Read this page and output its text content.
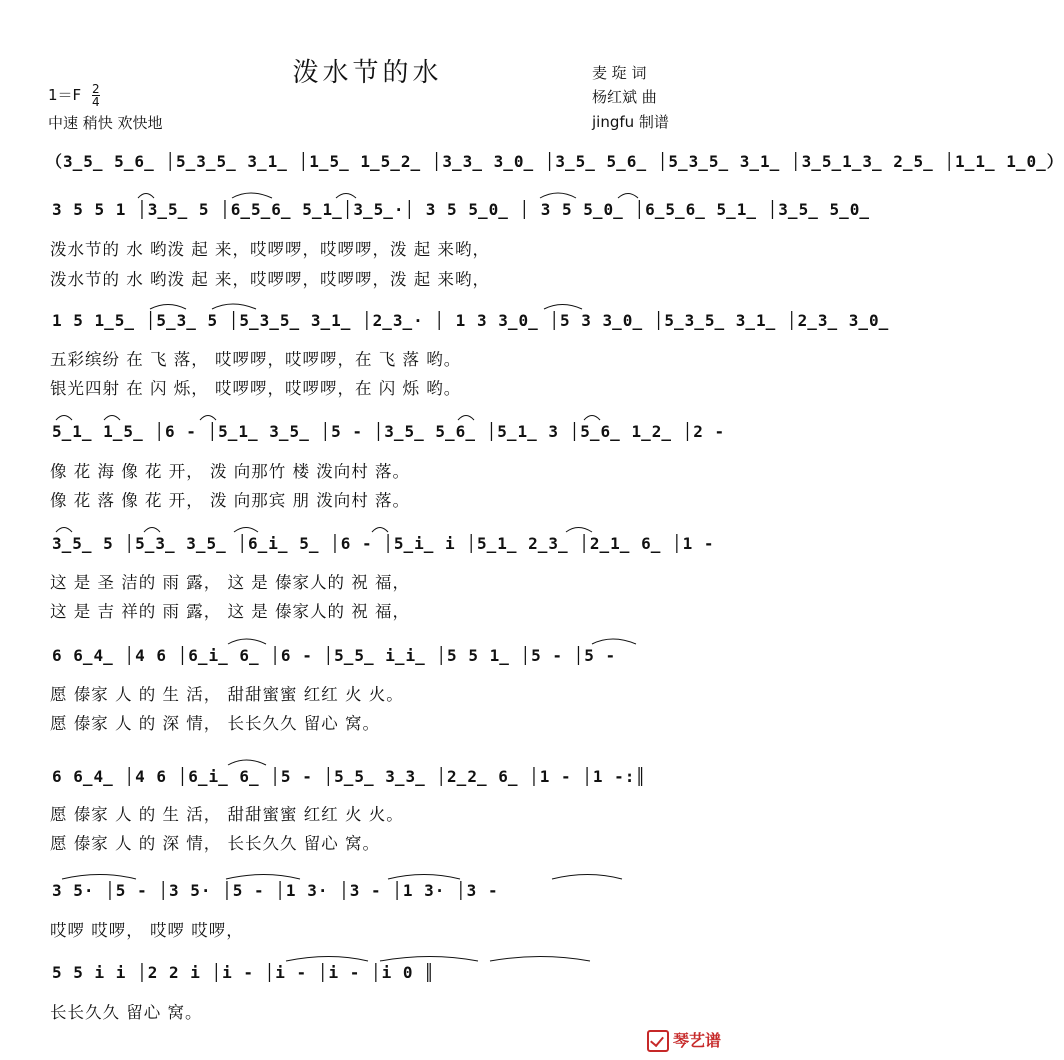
泼水节的水
$1=F \frac{2}{4}$
中速 稍快 欢快地
麦 琁 词
杨红斌 曲
jingfu 制谱
（3̲5̲ 5̲6̲ │5̲3̲5̲ 3̲1̲ │1̲5̲ 1̲5̲2̲ │3̲3̲ 3̲0̲ │3̲5̲ 5̲6̲ │5̲3̲5̲ 3̲1̲ │3̲5̲1̲3̲ 2̲5̲ │1̲1̲ 1̲0̲）
3 5 5 1 │3̲5̲ 5 │6̲5̲6̲ 5̲1̲│3̲5̲·│ 3 5 5̲0̲ │ 3 5 5̲0̲ │6̲5̲6̲ 5̲1̲ │3̲5̲ 5̲0̲
泼水节的 水 哟泼 起 来，哎啰啰，哎啰啰，泼 起 来哟，
泼水节的 水 哟泼 起 来，哎啰啰，哎啰啰，泼 起 来哟，
1 5 1̲5̲ │5̲3̲ 5 │5̲3̲5̲ 3̲1̲ │2̲3̲· │ 1 3 3̲0̲ │5 3 3̲0̲ │5̲3̲5̲ 3̲1̲ │2̲3̲ 3̲0̲
五彩缤纷 在 飞 落， 哎啰啰，哎啰啰，在 飞 落 哟。
银光四射 在 闪 烁， 哎啰啰，哎啰啰，在 闪 烁 哟。
5̲1̲ 1̲5̲ │6 - │5̲1̲ 3̲5̲ │5 - │3̲5̲ 5̲6̲ │5̲1̲ 3 │5̲6̲ 1̲2̲ │2 -
像 花 海 像 花 开， 泼 向那竹 楼 泼向村 落。
像 花 落 像 花 开， 泼 向那宾 朋 泼向村 落。
3̲5̲ 5 │5̲3̲ 3̲5̲ │6̲i̲ 5̲ │6 - │5̲i̲ i │5̲1̲ 2̲3̲ │2̲1̲ 6̲ │1 -
这 是 圣 洁的 雨 露， 这 是 傣家人的 祝 福，
这 是 吉 祥的 雨 露， 这 是 傣家人的 祝 福，
6 6̲4̲ │4 6 │6̲i̲ 6̲ │6 - │5̲5̲ i̲i̲ │5 5 1̲ │5 - │5 -
愿 傣家 人 的 生 活， 甜甜蜜蜜 红红 火 火。
愿 傣家 人 的 深 情， 长长久久 留心 窝。
6 6̲4̲ │4 6 │6̲i̲ 6̲ │5 - │5̲5̲ 3̲3̲ │2̲2̲ 6̲ │1 - │1 -:║
愿 傣家 人 的 生 活， 甜甜蜜蜜 红红 火 火。
愿 傣家 人 的 深 情， 长长久久 留心 窝。
3 5· │5 - │3 5· │5 - │1 3· │3 - │1 3· │3 -
哎啰 哎啰， 哎啰 哎啰，
5 5 i i │2 2 i │i - │i - │i - │i 0 ║
长长久久 留心 窝。
琴艺谱
